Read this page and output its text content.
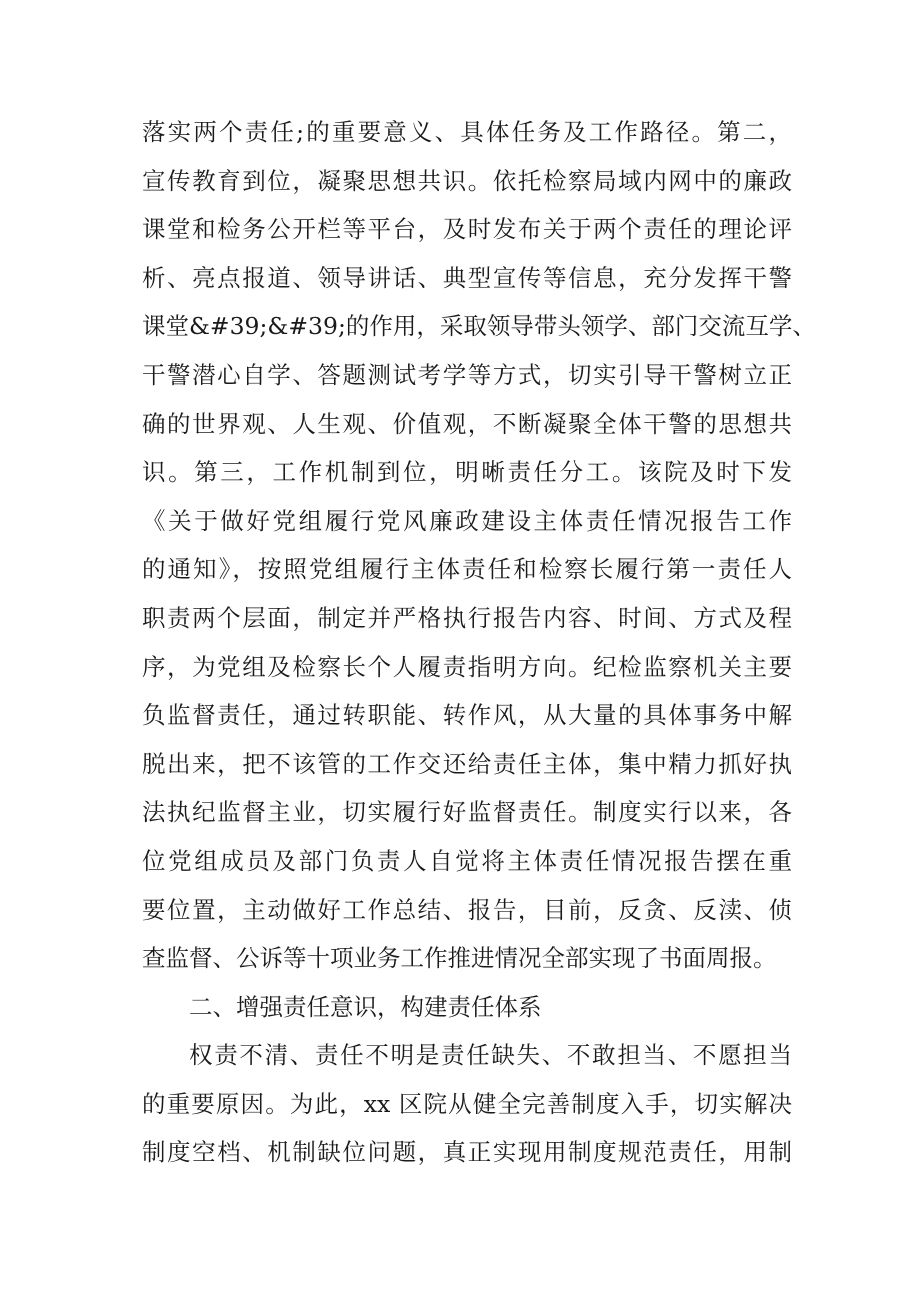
落实两个责任;的重要意义、具体任务及工作路径。第二，
宣传教育到位，凝聚思想共识。依托检察局域内网中的廉政
课堂和检务公开栏等平台，及时发布关于两个责任的理论评
析、亮点报道、领导讲话、典型宣传等信息，充分发挥干警
课堂&#39;&#39;的作用，采取领导带头领学、部门交流互学、
干警潜心自学、答题测试考学等方式，切实引导干警树立正
确的世界观、人生观、价值观，不断凝聚全体干警的思想共
识。第三，工作机制到位，明晰责任分工。该院及时下发
《关于做好党组履行党风廉政建设主体责任情况报告工作
的通知》，按照党组履行主体责任和检察长履行第一责任人
职责两个层面，制定并严格执行报告内容、时间、方式及程
序，为党组及检察长个人履责指明方向。纪检监察机关主要
负监督责任，通过转职能、转作风，从大量的具体事务中解
脱出来，把不该管的工作交还给责任主体，集中精力抓好执
法执纪监督主业，切实履行好监督责任。制度实行以来，各
位党组成员及部门负责人自觉将主体责任情况报告摆在重
要位置，主动做好工作总结、报告，目前，反贪、反渎、侦
查监督、公诉等十项业务工作推进情况全部实现了书面周报。
二、增强责任意识，构建责任体系
权责不清、责任不明是责任缺失、不敢担当、不愿担当
的重要原因。为此，xx 区院从健全完善制度入手，切实解决
制度空档、机制缺位问题，真正实现用制度规范责任，用制
